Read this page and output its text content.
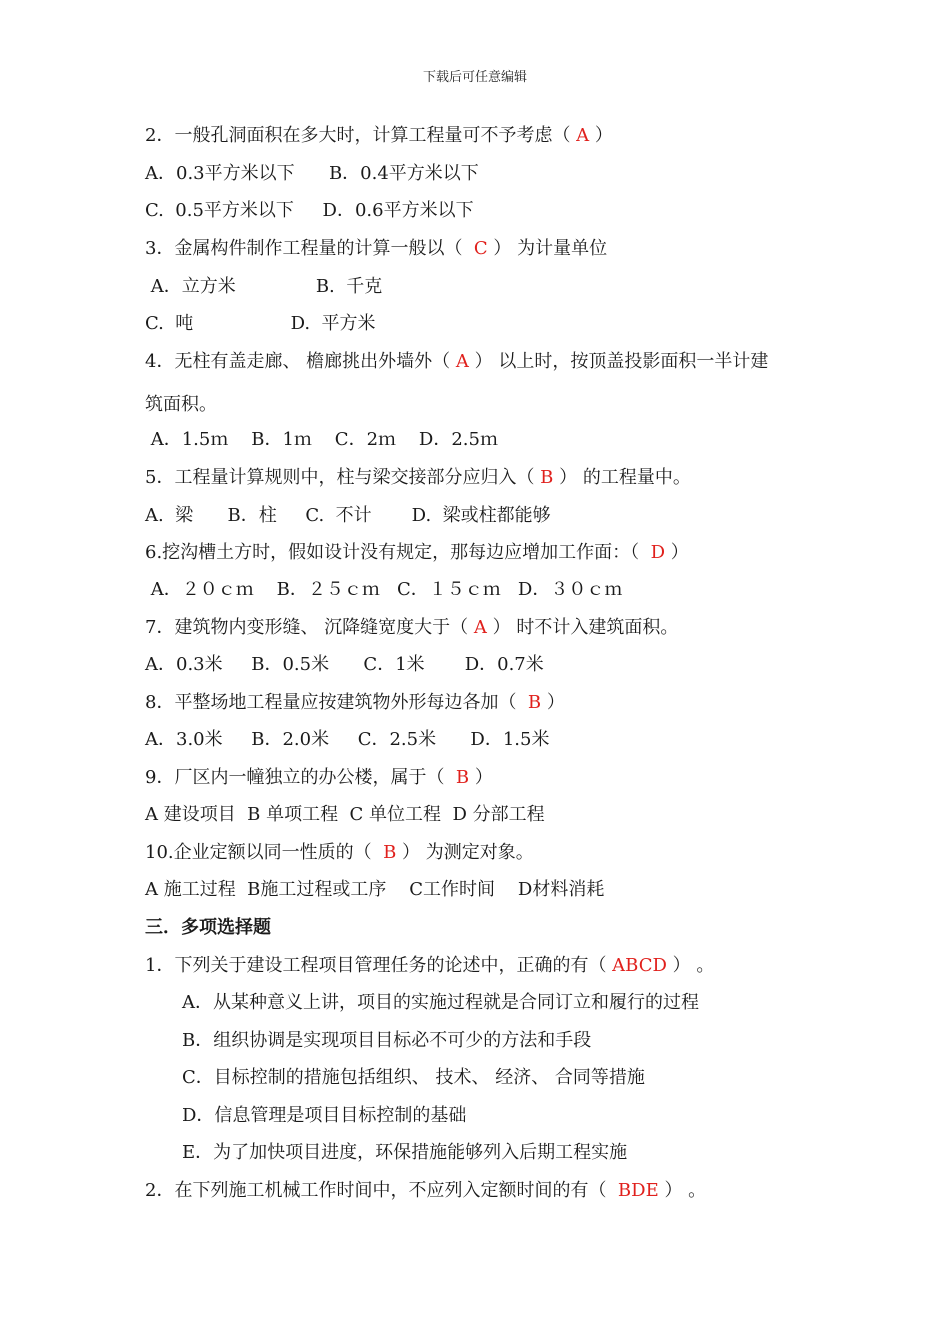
下载后可任意编辑
2．一般孔洞面积在多大时，计算工程量可不予考虑（ A ）
A．0.3平方米以下      B．0.4平方米以下
C.  0.5平方米以下     D．0.6平方米以下
3．金属构件制作工程量的计算一般以（  C ） 为计量单位
A．立方米              B.  千克
C.  吨                 D.  平方米
4．无柱有盖走廊、 檐廊挑出外墙外（ A ） 以上时，按顶盖投影面积一半计建
筑面积。
A．1.5ｍ    B．1ｍ    C．2ｍ    D．2.5ｍ
5．工程量计算规则中，柱与梁交接部分应归入（ B ） 的工程量中。
A.  梁      B．柱     C.  不计       D.  梁或柱都能够
6.挖沟槽土方时，假如设计没有规定，那每边应增加工作面：（  D ）
A．２０ｃｍ    B．２５ｃｍ   C．１５ｃｍ   D．３０ｃｍ
7．建筑物内变形缝、 沉降缝宽度大于（ A ） 时不计入建筑面积。
A．0.3米     B．0.5米      C．1米       D．0.7米
8．平整场地工程量应按建筑物外形每边各加（  B ）
A．3.0米     B．2.0米     C．2.5米      D．1.5米
9．厂区内一幢独立的办公楼，属于（  B ）
A 建设项目  B 单项工程  C 单位工程  D 分部工程
10.企业定额以同一性质的（  B ） 为测定对象。
A 施工过程  B施工过程或工序    C工作时间    D材料消耗
三．多项选择题
1．下列关于建设工程项目管理任务的论述中，正确的有（ ABCD ） 。
A．从某种意义上讲，项目的实施过程就是合同订立和履行的过程
B．组织协调是实现项目目标必不可少的方法和手段
C．目标控制的措施包括组织、 技术、 经济、 合同等措施
D．信息管理是项目目标控制的基础
E．为了加快项目进度，环保措施能够列入后期工程实施
2．在下列施工机械工作时间中，不应列入定额时间的有（  BDE ） 。
